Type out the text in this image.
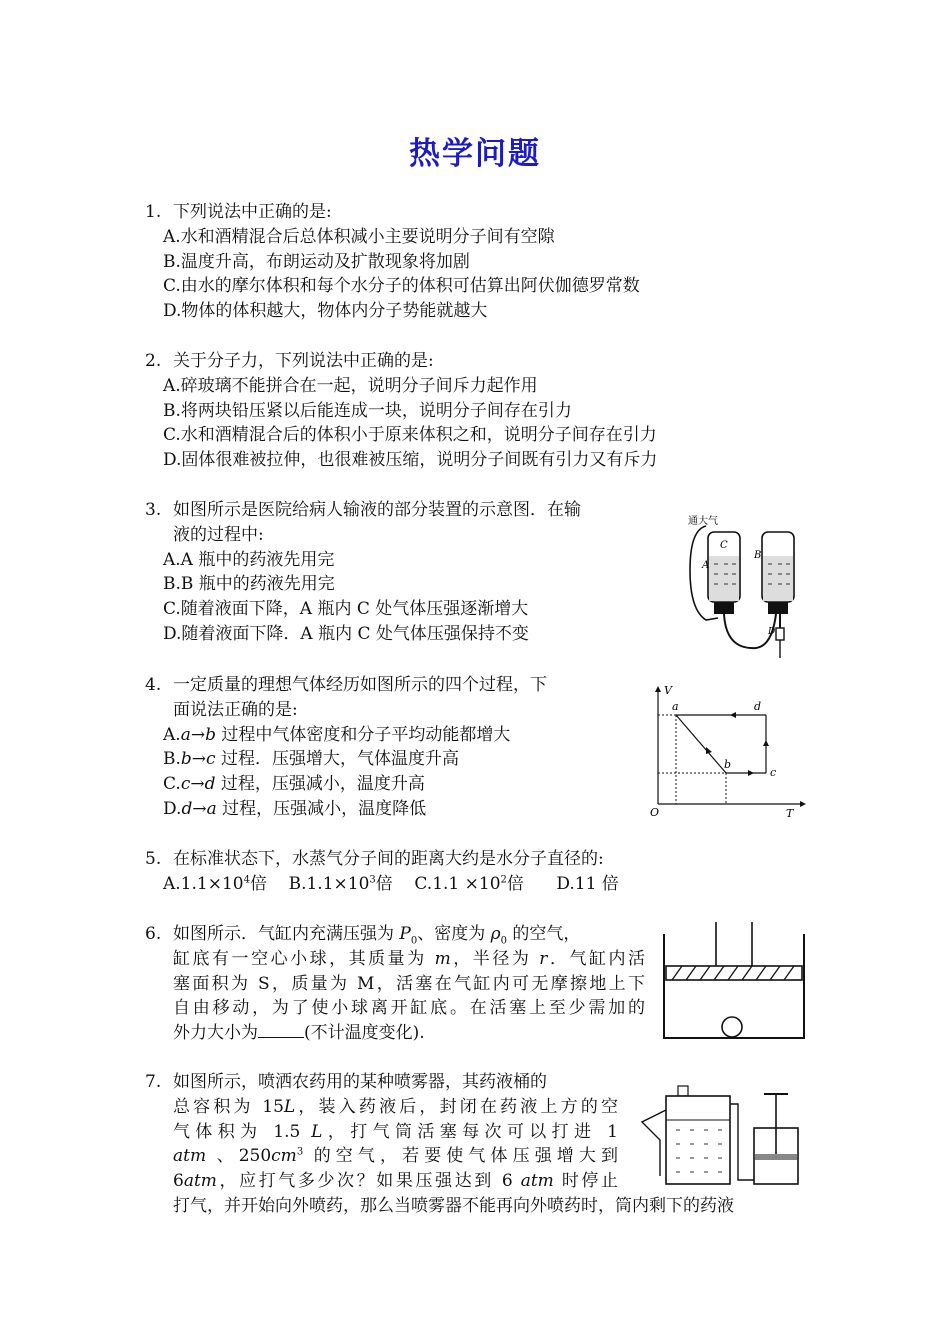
热学问题
1. 下列说法中正确的是:
A.水和酒精混合后总体积减小主要说明分子间有空隙
B.温度升高，布朗运动及扩散现象将加剧
C.由水的摩尔体积和每个水分子的体积可估算出阿伏伽德罗常数
D.物体的体积越大，物体内分子势能就越大
2. 关于分子力，下列说法中正确的是:
A.碎玻璃不能拼合在一起，说明分子间斥力起作用
B.将两块铅压紧以后能连成一块，说明分子间存在引力
C.水和酒精混合后的体积小于原来体积之和，说明分子间存在引力
D.固体很难被拉伸，也很难被压缩，说明分子间既有引力又有斥力
3. 如图所示是医院给病人输液的部分装置的示意图．在输
液的过程中:
A.A 瓶中的药液先用完
B.B 瓶中的药液先用完
C.随着液面下降，A 瓶内 C 处气体压强逐渐增大
D.随着液面下降．A 瓶内 C 处气体压强保持不变
通大气
A
C
B
D
4. 一定质量的理想气体经历如图所示的四个过程，下
面说法正确的是:
A.a→b 过程中气体密度和分子平均动能都增大
B.b→c 过程．压强增大，气体温度升高
C.c→d 过程，压强减小，温度升高
D.d→a 过程，压强减小，温度降低
V
T
O
a
b
c
d
5. 在标准状态下，水蒸气分子间的距离大约是水分子直径的:
$A.1.1\times 10^4$倍 $B.1.1\times 10^3$倍 $C.1.1 \times 10^2$倍 D.11 倍
6. 如图所示．气缸内充满压强为 $P_0$、密度为 $\rho_0$ 的空气，
缸底有一空心小球，其质量为 m，半径为 r．气缸内活
塞面积为 S，质量为 M，活塞在气缸内可无摩擦地上下
自由移动，为了使小球离开缸底。在活塞上至少需加的
外力大小为	(不计温度变化).
7. 如图所示，喷洒农药用的某种喷雾器，其药液桶的
总容积为 15L，装入药液后，封闭在药液上方的空
气体积为 1.5 L，打气筒活塞每次可以打进 1
atm 、$250cm^3$ 的空气，若要使气体压强增大到
6atm，应打气多少次？如果压强达到 6 atm 时停止
打气，并开始向外喷药，那么当喷雾器不能再向外喷药时，筒内剩下的药液
